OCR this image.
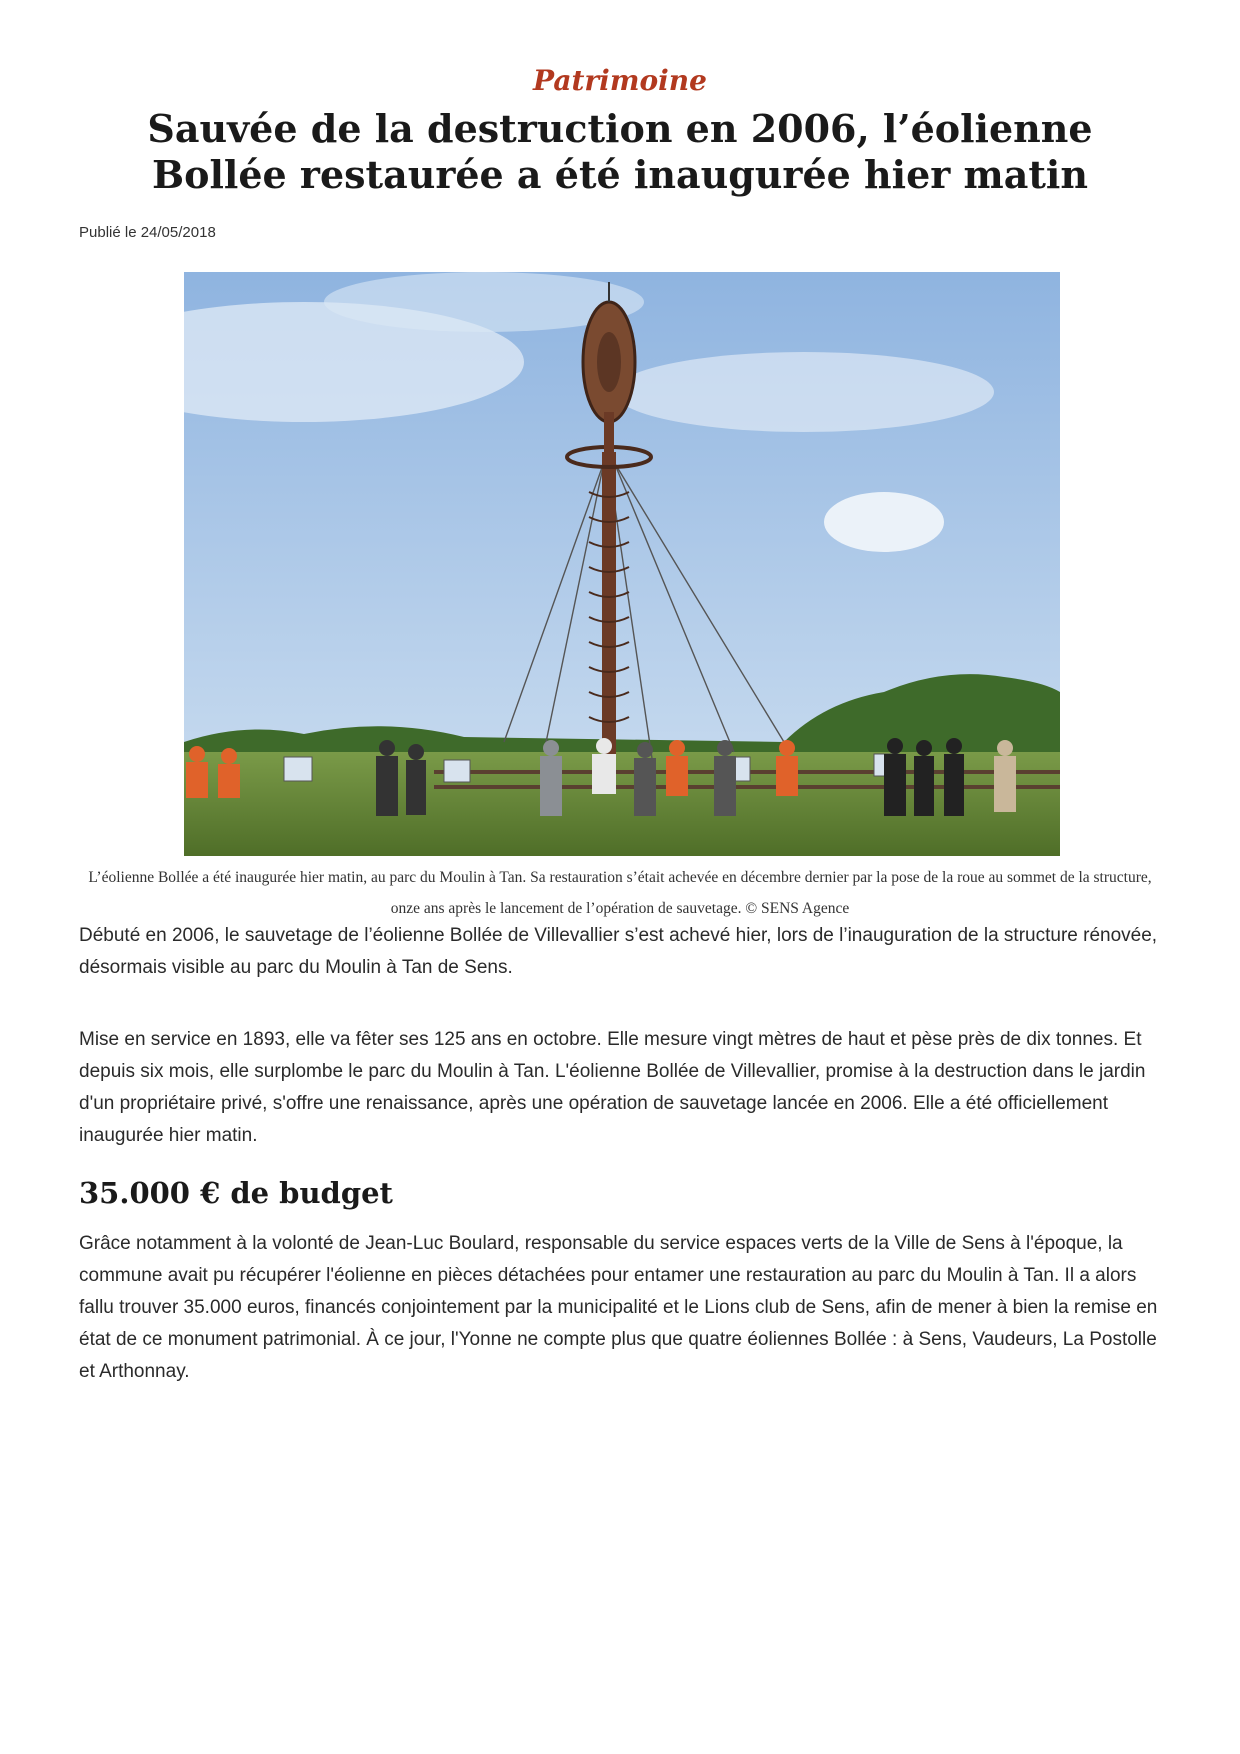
Patrimoine
Sauvée de la destruction en 2006, l’éolienne Bollée restaurée a été inaugurée hier matin
Publié le 24/05/2018
L’éolienne Bollée a été inaugurée hier matin, au parc du Moulin à Tan. Sa restauration s’était achevée en décembre dernier par la pose de la roue au sommet de la structure, onze ans après le lancement de l’opération de sauvetage. © SENS Agence

Débuté en 2006, le sauvetage de l’éolienne Bollée de Villevallier s’est achevé hier, lors de l’inauguration de la structure rénovée, désormais visible au parc du Moulin à Tan de Sens.

Mise en service en 1893, elle va fêter ses 125 ans en octobre. Elle mesure vingt mètres de haut et pèse près de dix tonnes. Et depuis six mois, elle surplombe le parc du Moulin à Tan. L'éolienne Bollée de Villevallier, promise à la destruction dans le jardin d'un propriétaire privé, s'offre une renaissance, après une opération de sauvetage lancée en 2006. Elle a été officiellement inaugurée hier matin.

35.000 € de budget

Grâce notamment à la volonté de Jean-Luc Boulard, responsable du service espaces verts de la Ville de Sens à l'époque, la commune avait pu récupérer l'éolienne en pièces détachées pour entamer une restauration au parc du Moulin à Tan. Il a alors fallu trouver 35.000 euros, financés conjointement par la municipalité et le Lions club de Sens, afin de mener à bien la remise en état de ce monument patrimonial. À ce jour, l'Yonne ne compte plus que quatre éoliennes Bollée : à Sens, Vaudeurs, La Postolle et Arthonnay.
